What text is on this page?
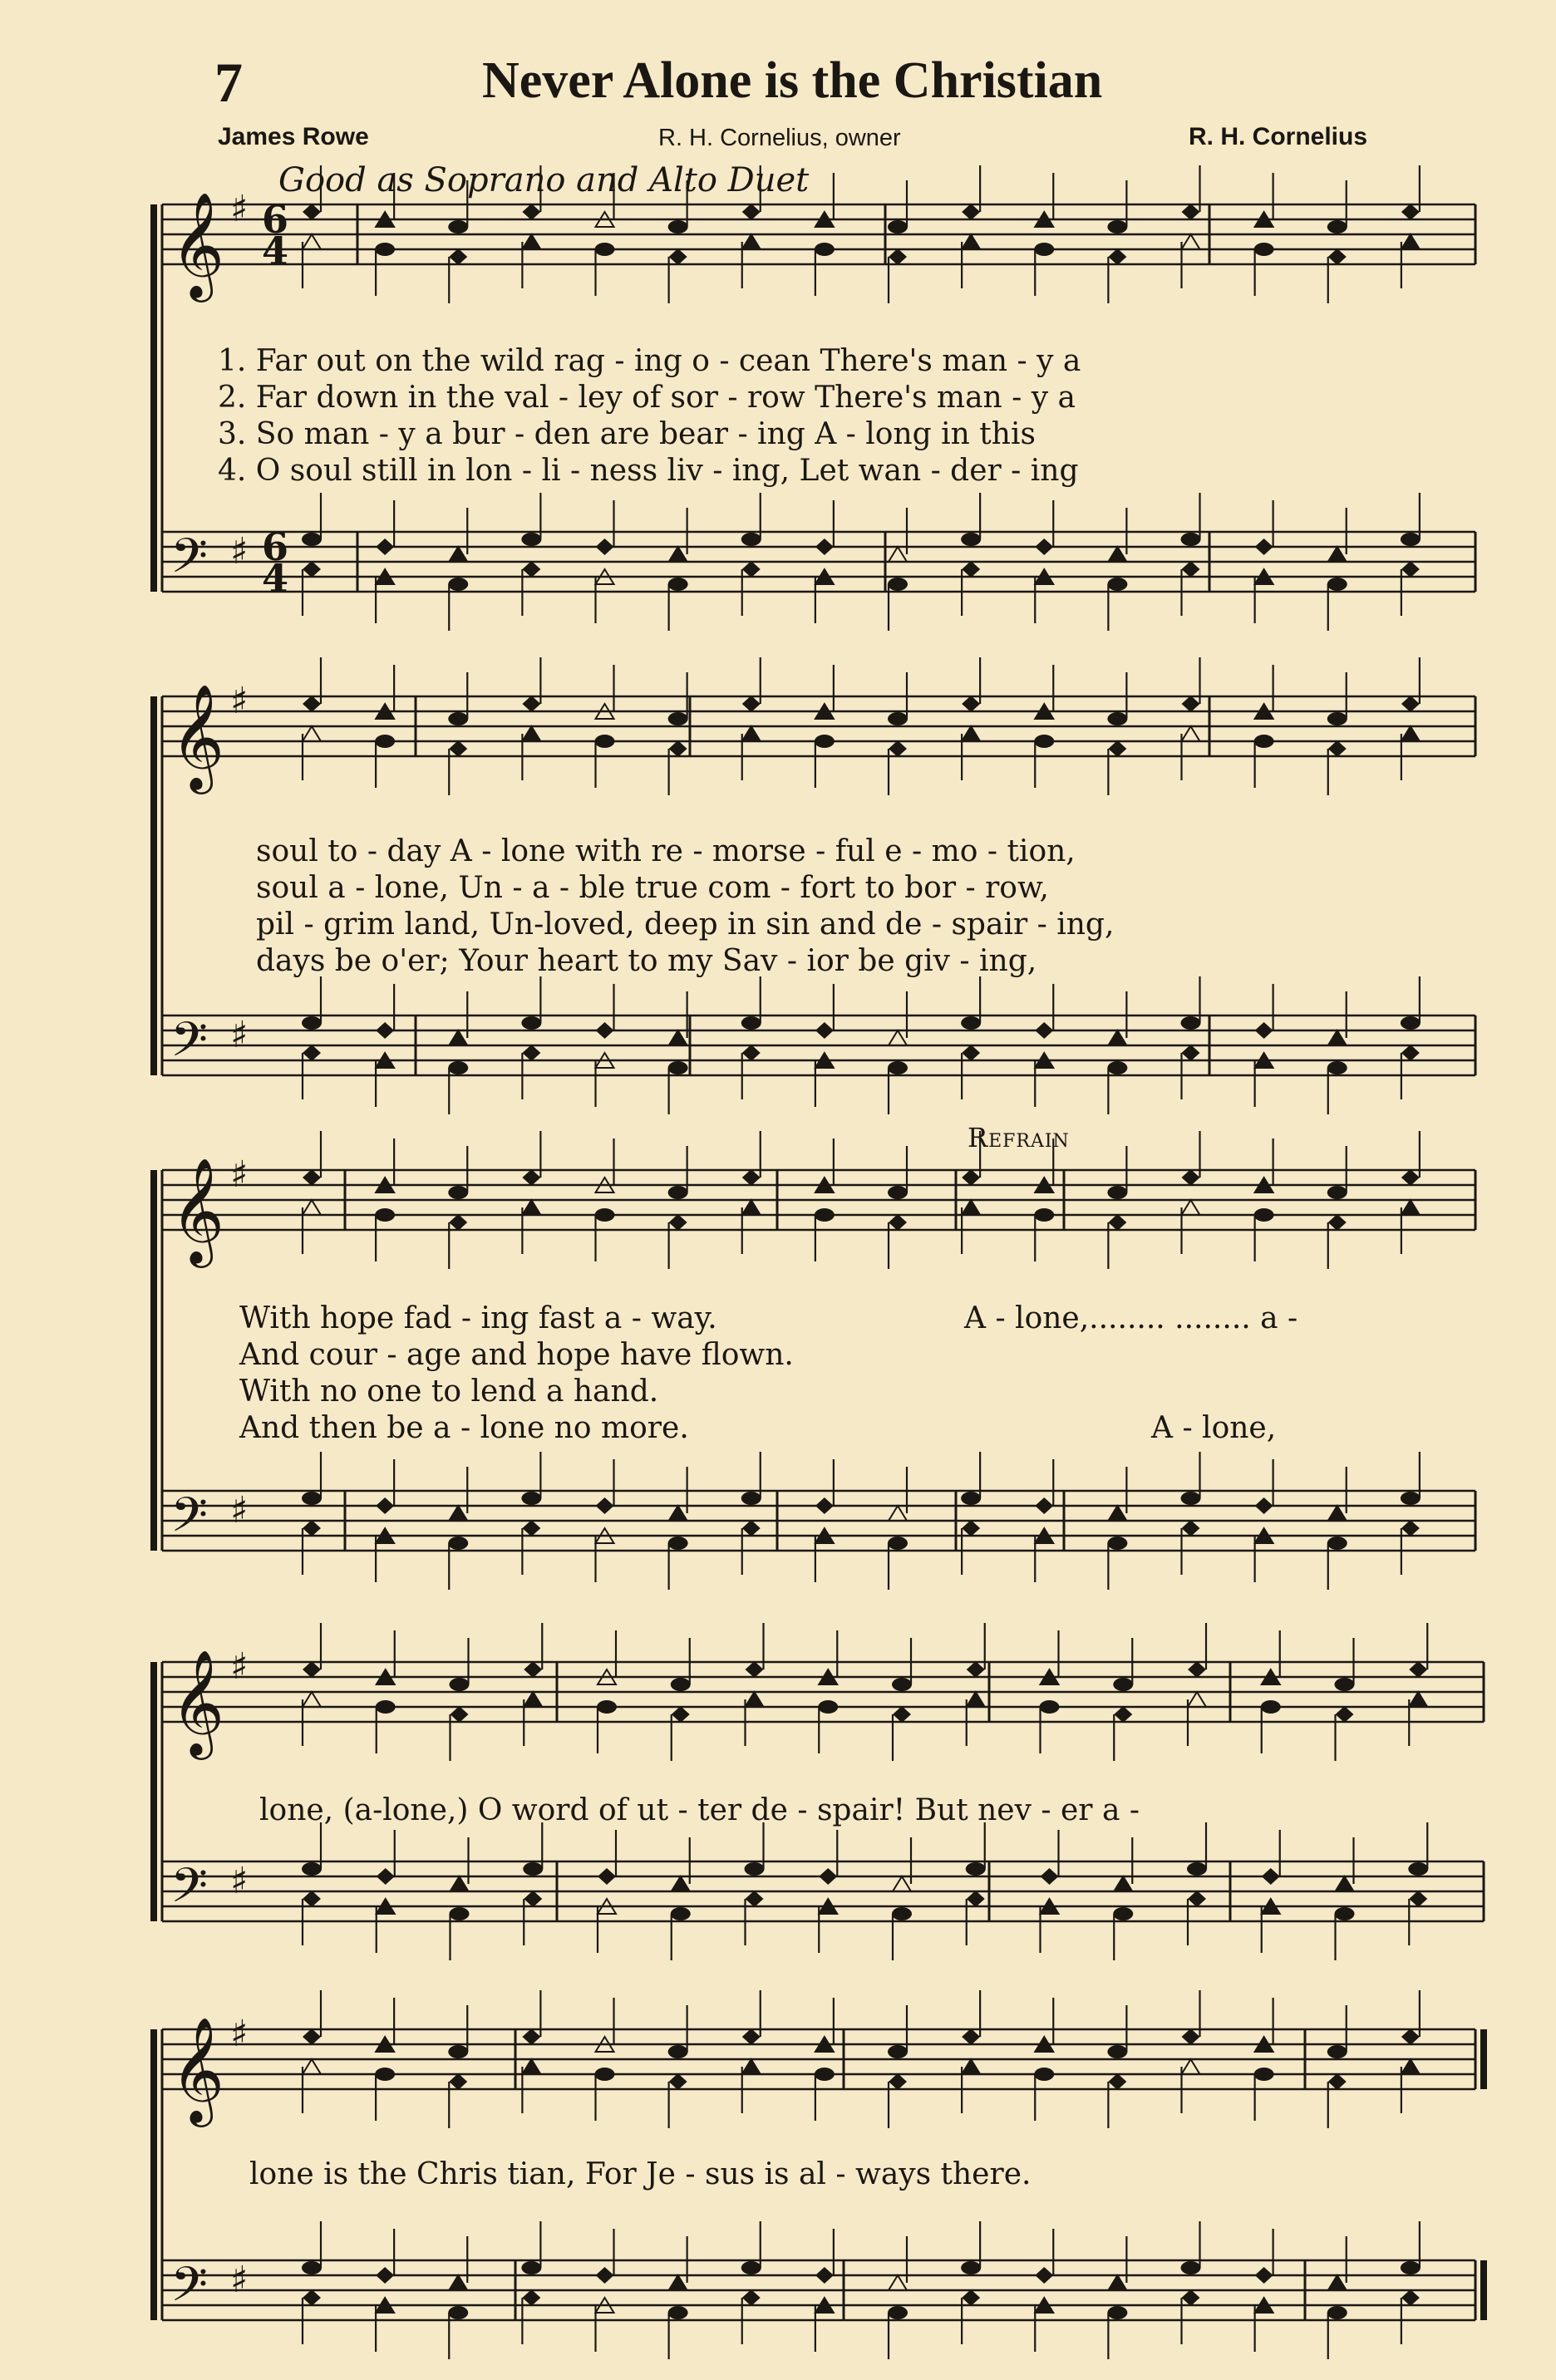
𝄞 ♯
𝄢 ♯
6
4
6
4
𝄞 ♯
𝄢 ♯
𝄞 ♯
𝄢 ♯
𝄞 ♯
𝄢 ♯
𝄞 ♯
𝄢 ♯
7	Never Alone is the Christian
James Rowe	R. H. Cornelius, owner	R. H. Cornelius
Good as Soprano and Alto Duet
Refrain
1. Far out on the wild rag - ing o - cean There's man - y a
2. Far down in the val - ley of sor - row There's man - y a
3. So man - y a bur - den are bear - ing A - long in this
4. O soul still in lon - li - ness liv - ing, Let wan - der - ing
soul to - day A - lone with re - morse - ful e - mo - tion,
soul a - lone, Un - a - ble true com - fort to bor - row,
pil - grim land, Un-loved, deep in sin and de - spair - ing,
days be o'er; Your heart to my Sav - ior be giv - ing,
With hope fad - ing fast a - way.
And cour - age and hope have flown.
With no one to lend a hand.
And then be a - lone no more.
A - lone,........ ........ a -
A - lone,
lone, (a-lone,) O word of ut - ter de - spair! But nev - er a -
lone is the Chris tian, For Je - sus is al - ways there.
